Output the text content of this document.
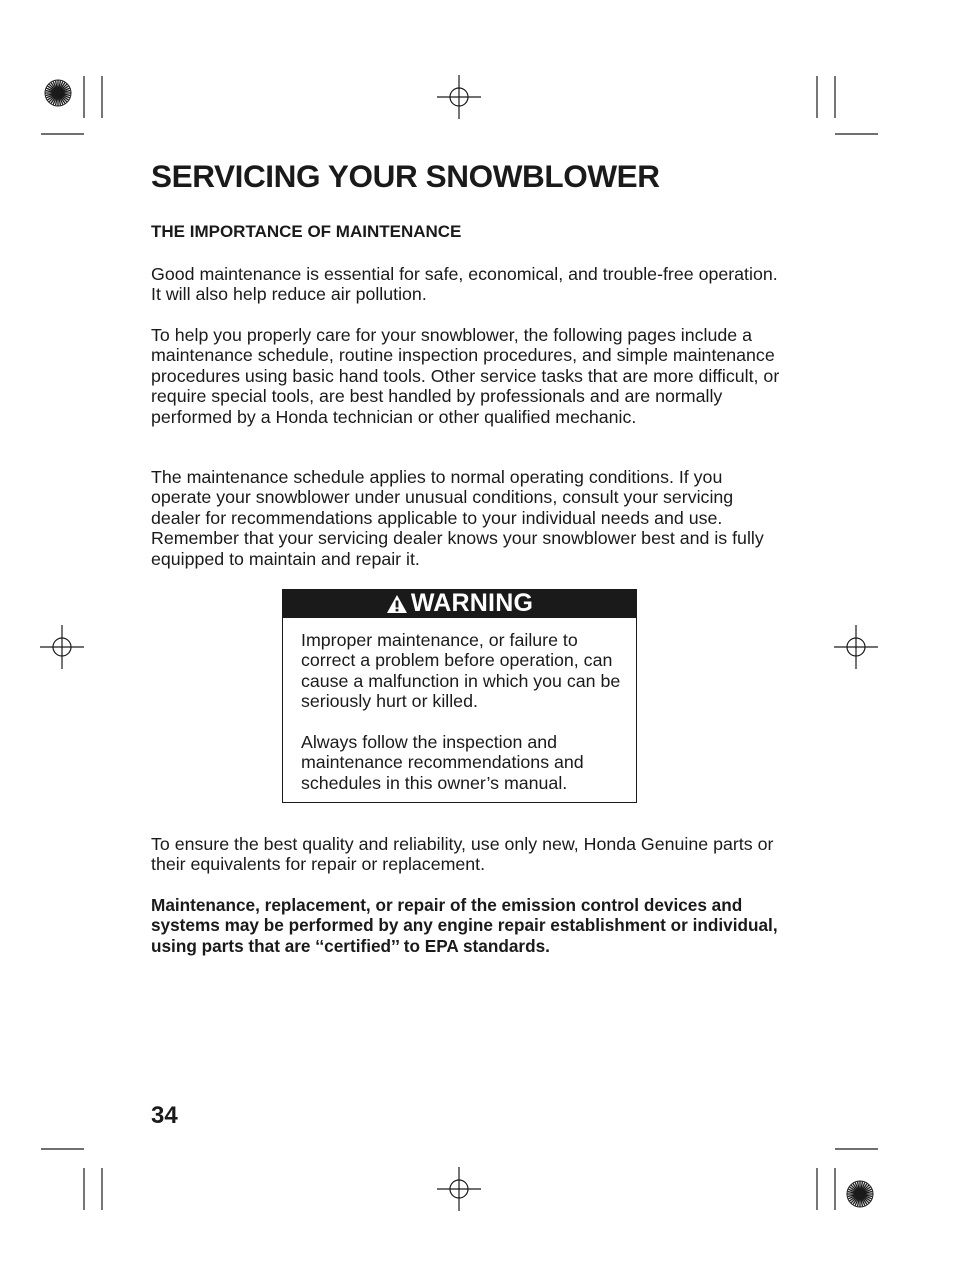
SERVICING YOUR SNOWBLOWER
THE IMPORTANCE OF MAINTENANCE

Good maintenance is essential for safe, economical, and trouble-free operation. It will also help reduce air pollution.

To help you properly care for your snowblower, the following pages include a maintenance schedule, routine inspection procedures, and simple maintenance procedures using basic hand tools. Other service tasks that are more difficult, or require special tools, are best handled by professionals and are normally performed by a Honda technician or other qualified mechanic.

The maintenance schedule applies to normal operating conditions. If you operate your snowblower under unusual conditions, consult your servicing dealer for recommendations applicable to your individual needs and use. Remember that your servicing dealer knows your snowblower best and is fully equipped to maintain and repair it.

WARNING

Improper maintenance, or failure to correct a problem before operation, can cause a malfunction in which you can be seriously hurt or killed.

Always follow the inspection and maintenance recommendations and schedules in this owner’s manual.

To ensure the best quality and reliability, use only new, Honda Genuine parts or their equivalents for repair or replacement.

Maintenance, replacement, or repair of the emission control devices and systems may be performed by any engine repair establishment or individual, using parts that are ‘‘certified’’ to EPA standards.

34
